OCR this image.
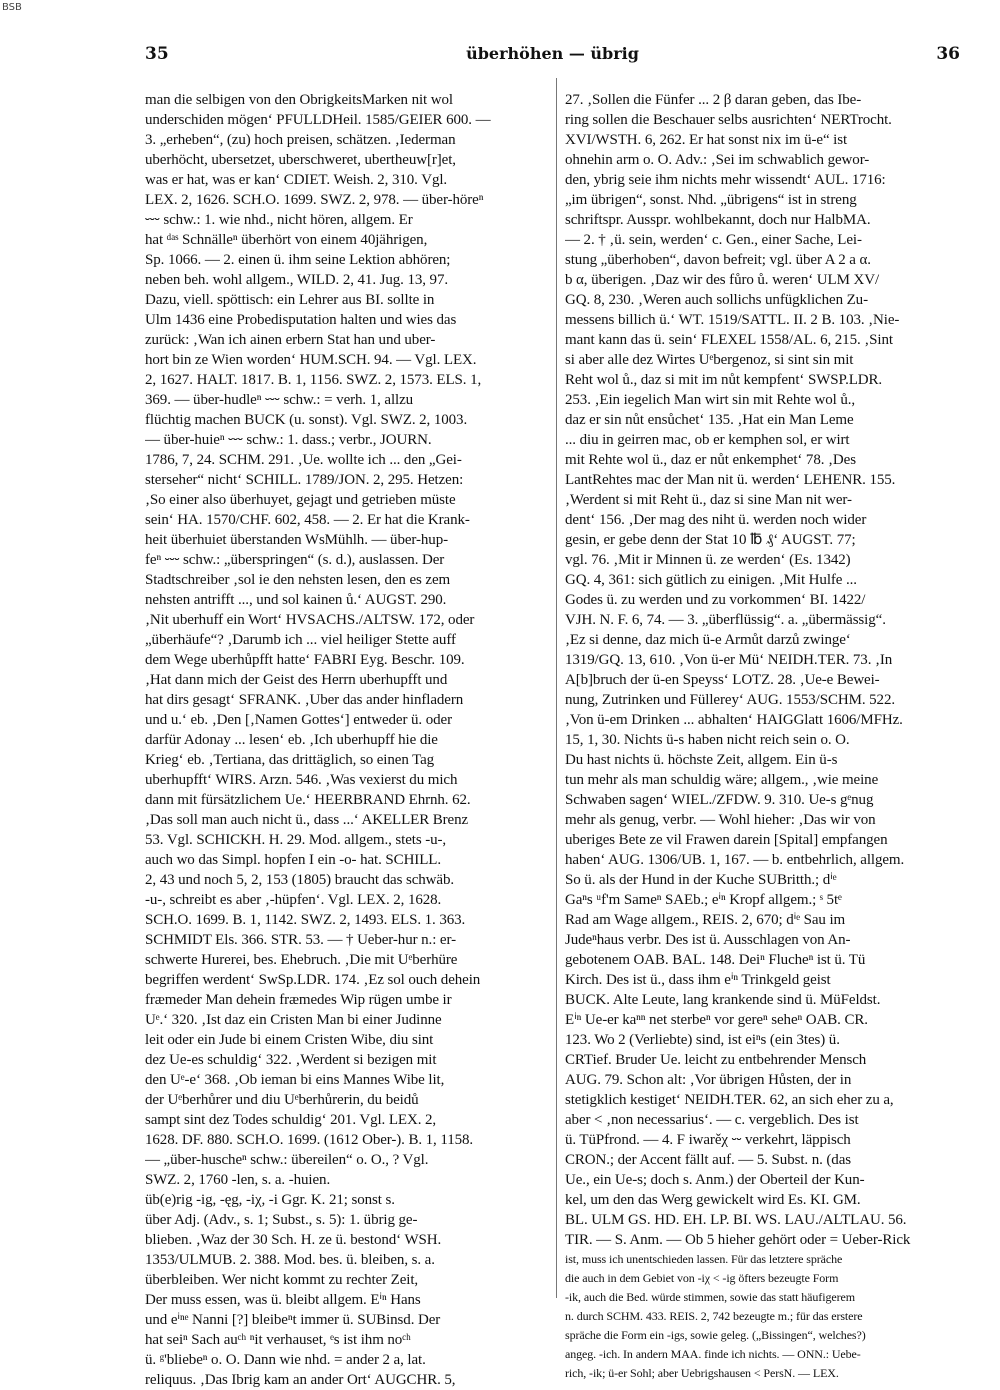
BSB
35	überhöhen — übrig	36
man die selbigen von den ObrigkeitsMarken nit wol
underschiden mögen‘ PFULLDHeil. 1585/GEIER 600. —
3. „erheben“, (zu) hoch preisen, schätzen. ‚Iederman
uberhöcht, ubersetzet, uberschweret, ubertheuw[r]et,
was er hat, was er kan‘ CDIET. Weish. 2, 310. Vgl.
LEX. 2, 1626. SCH.O. 1699. SWZ. 2, 978. — über-höreⁿ
⏑⏑⏑ schw.: 1. wie nhd., nicht hören, allgem. Er
hat ᵈᵃˢ Schnälleⁿ überhört von einem 40jährigen,
Sp. 1066. — 2. einen ü. ihm seine Lektion abhören;
neben beh. wohl allgem., WILD. 2, 41. Jug. 13, 97.
Dazu, viell. spöttisch: ein Lehrer aus BI. sollte in
Ulm 1436 eine Probedisputation halten und wies das
zurück: ‚Wan ich ainen erbern Stat han und uber-
hort bin ze Wien worden‘ HUM.SCH. 94. — Vgl. LEX.
2, 1627. HALT. 1817. B. 1, 1156. SWZ. 2, 1573. ELS. 1,
369. — über-hudleⁿ ⏑⏑⏑ schw.: = verh. 1, allzu
flüchtig machen BUCK (u. sonst). Vgl. SWZ. 2, 1003.
— über-huieⁿ ⏑⏑⏑ schw.: 1. dass.; verbr., JOURN.
1786, 7, 24. SCHM. 291. ‚Ue. wollte ich ... den „Gei-
sterseher“ nicht‘ SCHILL. 1789/JON. 2, 295. Hetzen:
‚So einer also überhuyet, gejagt und getrieben müste
sein‘ HA. 1570/CHF. 602, 458. — 2. Er hat die Krank-
heit überhuiet überstanden WsMühlh. — über-hup-
feⁿ ⏑⏑⏑ schw.: „überspringen“ (s. d.), auslassen. Der
Stadtschreiber ‚sol ie den nehsten lesen, den es zem
nehsten antrifft ..., und sol kainen ů.‘ AUGST. 290.
‚Nit uberhuff ein Wort‘ HVSACHS./ALTSW. 172, oder
„überhäufe“? ‚Darumb ich ... viel heiliger Stette auff
dem Wege uberhůpfft hatte‘ FABRI Eyg. Beschr. 109.
‚Hat dann mich der Geist des Herrn uberhupfft und
hat dirs gesagt‘ SFRANK. ‚Uber das ander hinfladern
und u.‘ eb. ‚Den [‚Namen Gottes‘] entweder ü. oder
darfür Adonay ... lesen‘ eb. ‚Ich uberhupff hie die
Krieg‘ eb. ‚Tertiana, das drittäglich, so einen Tag
uberhupfft‘ WIRS. Arzn. 546. ‚Was vexierst du mich
dann mit fürsätzlichem Ue.‘ HEERBRAND Ehrnh. 62.
‚Das soll man auch nicht ü., dass ...‘ AKELLER Brenz
53. Vgl. SCHICKH. H. 29. Mod. allgem., stets -u-,
auch wo das Simpl. hopfen I ein -o- hat. SCHILL.
2, 43 und noch 5, 2, 153 (1805) braucht das schwäb.
-u-, schreibt es aber ‚-hüpfen‘. Vgl. LEX. 2, 1628.
SCH.O. 1699. B. 1, 1142. SWZ. 2, 1493. ELS. 1. 363.
SCHMIDT Els. 366. STR. 53. — † Ueber-hur n.: er-
schwerte Hurerei, bes. Ehebruch. ‚Die mit Uᵉberhüre
begriffen werdent‘ SwSp.LDR. 174. ‚Ez sol ouch dehein
fræmeder Man dehein fræmedes Wip rügen umbe ir
Uᵉ.‘ 320. ‚Ist daz ein Cristen Man bi einer Judinne
leit oder ein Jude bi einem Cristen Wibe, diu sint
dez Ue-es schuldig‘ 322. ‚Werdent si bezigen mit
den Uᵉ-e‘ 368. ‚Ob ieman bi eins Mannes Wibe lit,
der Uᵉberhůrer und diu Uᵉberhůrerin, du beidů
sampt sint dez Todes schuldig‘ 201. Vgl. LEX. 2,
1628. DF. 880. SCH.O. 1699. (1612 Ober-). B. 1, 1158.
— „über-huscheⁿ schw.: übereilen“ o. O., ? Vgl.
SWZ. 2, 1760 -len, s. a. -huien.
üb(e)rig -ig, -ęg, -iχ, -i Ggr. K. 21; sonst s.
über Adj. (Adv., s. 1; Subst., s. 5): 1. übrig ge-
blieben. ‚Waz der 30 Sch. H. ze ü. bestond‘ WSH.
1353/ULMUB. 2. 388. Mod. bes. ü. bleiben, s. a.
überbleiben. Wer nicht kommt zu rechter Zeit,
Der muss essen, was ü. bleibt allgem. Eⁱⁿ Hans
und eⁱⁿᵉ Nanni [?] bleibeⁿt immer ü. SUBinsd. Der
hat seiⁿ Sach auᶜʰ ⁿit verhauset, ᵉs ist ihm noᶜʰ
ü. ᵍ'bliebeⁿ o. O. Dann wie nhd. = ander 2 a, lat.
reliquus. ‚Das Ibrig kam an ander Ort‘ AUGCHR. 5,
27. ‚Sollen die Fünfer ... 2 β daran geben, das Ibe-
ring sollen die Beschauer selbs ausrichten‘ NERTrocht.
XVI/WSTH. 6, 262. Er hat sonst nix im ü-e“ ist
ohnehin arm o. O. Adv.: ‚Sei im schwablich gewor-
den, ybrig seie ihm nichts mehr wissendt‘ AUL. 1716:
„im übrigen“, sonst. Nhd. „übrigens“ ist in streng
schriftspr. Ausspr. wohlbekannt, doch nur HalbMA.
— 2. † ‚ü. sein, werden‘ c. Gen., einer Sache, Lei-
stung „überhoben“, davon befreit; vgl. über A 2 a α.
b α, überigen. ‚Daz wir des fůro ů. weren‘ ULM XV/
GQ. 8, 230. ‚Weren auch sollichs unfügklichen Zu-
messens billich ü.‘ WT. 1519/SATTL. II. 2 B. 103. ‚Nie-
mant kann das ü. sein‘ FLEXEL 1558/AL. 6, 215. ‚Sint
si aber alle dez Wirtes Uᵉbergenoz, si sint sin mit
Reht wol ů., daz si mit im nůt kempfent‘ SWSP.LDR.
253. ‚Ein iegelich Man wirt sin mit Rehte wol ů.,
daz er sin nůt ensůchet‘ 135. ‚Hat ein Man Leme
... diu in geirren mac, ob er kemphen sol, er wirt
mit Rehte wol ü., daz er nůt enkemphet‘ 78. ‚Des
LantRehtes mac der Man nit ü. werden‘ LEHENR. 155.
‚Werdent si mit Reht ü., daz si sine Man nit wer-
dent‘ 156. ‚Der mag des niht ü. werden noch wider
gesin, er gebe denn der Stat 10 ℔ ₰‘ AUGST. 77;
vgl. 76. ‚Mit ir Minnen ü. ze werden‘ (Es. 1342)
GQ. 4, 361: sich gütlich zu einigen. ‚Mit Hulfe ...
Godes ü. zu werden und zu vorkommen‘ BI. 1422/
VJH. N. F. 6, 74. — 3. „überflüssig“. a. „übermässig“.
‚Ez si denne, daz mich ü-e Armůt darzů zwinge‘
1319/GQ. 13, 610. ‚Von ü-er Mü‘ NEIDH.TER. 73. ‚In
A[b]bruch der ü-en Speyss‘ LOTZ. 28. ‚Ue-e Bewei-
nung, Zutrinken und Füllerey‘ AUG. 1553/SCHM. 522.
‚Von ü-em Drinken ... abhalten‘ HAIGGlatt 1606/MFHz.
15, 1, 30. Nichts ü-s haben nicht reich sein o. O.
Du hast nichts ü. höchste Zeit, allgem. Ein ü-s
tun mehr als man schuldig wäre; allgem., ‚wie meine
Schwaben sagen‘ WIEL./ZFDW. 9. 310. Ue-s gᵉnug
mehr als genug, verbr. — Wohl hieher: ‚Das wir von
uberiges Bete ze vil Frawen darein [Spital] empfangen
haben‘ AUG. 1306/UB. 1, 167. — b. entbehrlich, allgem.
So ü. als der Hund in der Kuche SUBritth.; dⁱᵉ
Gaⁿs ᵘf'm Sameⁿ SAEb.; eⁱⁿ Kropf allgem.; ˢ 5tᵉ
Rad am Wage allgem., REIS. 2, 670; dⁱᵉ Sau im
Judeⁿhaus verbr. Des ist ü. Ausschlagen von An-
gebotenem OAB. BAL. 148. Deiⁿ Flucheⁿ ist ü. Tü
Kirch. Des ist ü., dass ihm eⁱⁿ Trinkgeld geist
BUCK. Alte Leute, lang krankende sind ü. MüFeldst.
Eⁱⁿ Ue-er kaⁿⁿ net sterbeⁿ vor gereⁿ seheⁿ OAB. CR.
123. Wo 2 (Verliebte) sind, ist eiⁿs (ein 3tes) ü.
CRTief. Bruder Ue. leicht zu entbehrender Mensch
AUG. 79. Schon alt: ‚Vor übrigen Hůsten, der in
stetigklich kestiget‘ NEIDH.TER. 62, an sich eher zu a,
aber < ‚non necessarius‘. — c. vergeblich. Des ist
ü. TüPfrond. — 4. F iwarěχ ⏑⏑ verkehrt, läppisch
CRON.; der Accent fällt auf. — 5. Subst. n. (das
Ue., ein Ue-s; doch s. Anm.) der Oberteil der Kun-
kel, um den das Werg gewickelt wird Es. KI. GM.
BL. ULM GS. HD. EH. LP. BI. WS. LAU./ALTLAU. 56.
TIR. — S. Anm. — Ob 5 hieher gehört oder = Ueber-Rick
ist, muss ich unentschieden lassen. Für das letztere spräche
die auch in dem Gebiet von -iχ < -ig öfters bezeugte Form
-ik, auch die Bed. würde stimmen, sowie das statt häufigerem
n. durch SCHM. 433. REIS. 2, 742 bezeugte m.; für das erstere
spräche die Form ein -igs, sowie geleg. („Bissingen“, welches?)
angeg. -ich. In andern MAA. finde ich nichts. — ONN.: Uebe-
rich, -ik; ü-er Sohl; aber Uebrigshausen < PersN. — LEX.
